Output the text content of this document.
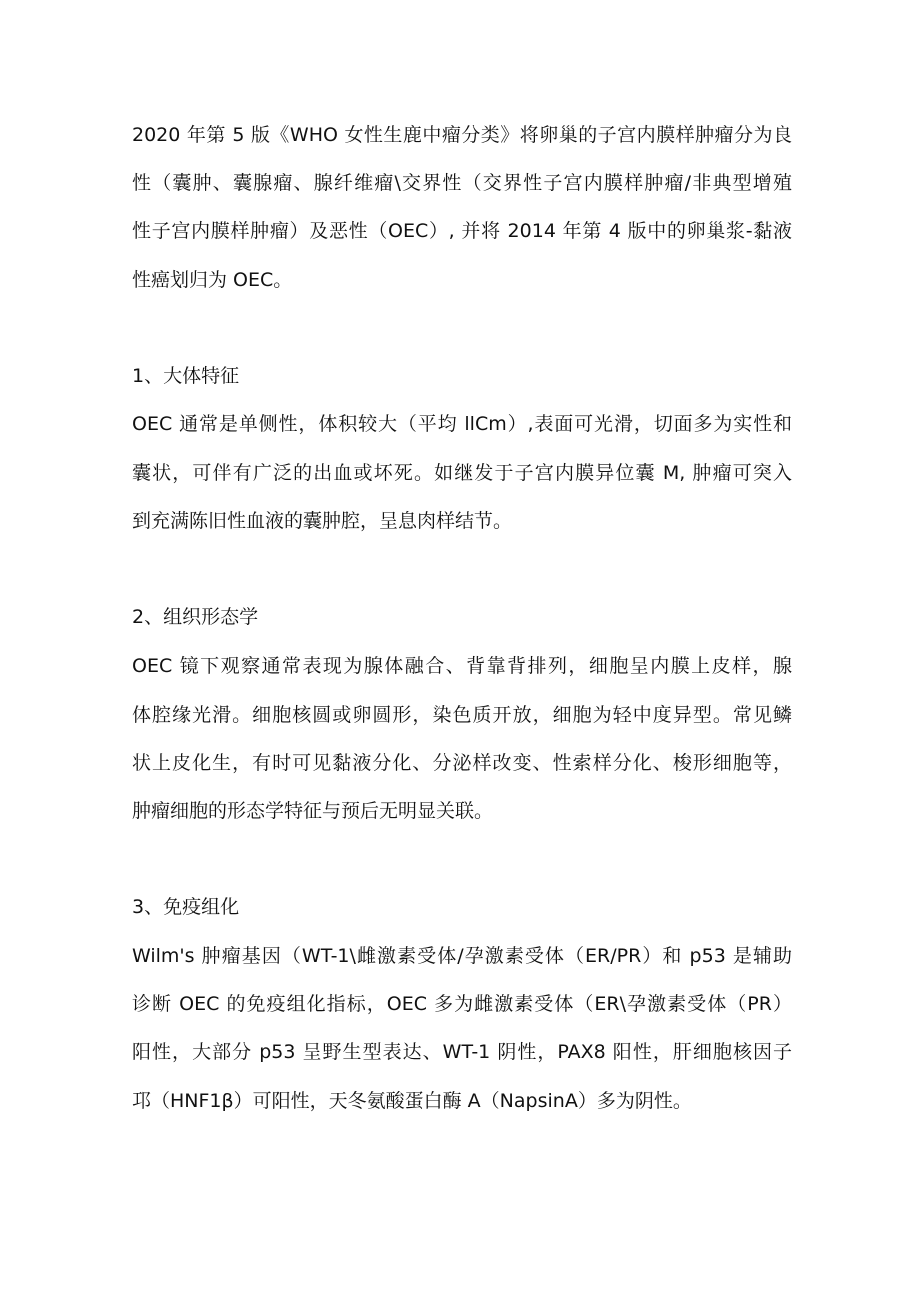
2020 年第 5 版《WHO 女性生鹿中瘤分类》将卵巢的子宫内膜样肿瘤分为良
性（囊肿、囊腺瘤、腺纤维瘤\交界性（交界性子宫内膜样肿瘤/非典型增殖
性子宫内膜样肿瘤）及恶性（OEC）, 并将 2014 年第 4 版中的卵巢浆-黏液
性癌划归为 OEC。
1、大体特征
OEC 通常是单侧性，体积较大（平均 llCm）,表面可光滑，切面多为实性和
囊状，可伴有广泛的出血或坏死。如继发于子宫内膜异位囊 M, 肿瘤可突入
到充满陈旧性血液的囊肿腔，呈息肉样结节。
2、组织形态学
OEC 镜下观察通常表现为腺体融合、背靠背排列，细胞呈内膜上皮样，腺
体腔缘光滑。细胞核圆或卵圆形，染色质开放，细胞为轻中度异型。常见鳞
状上皮化生，有时可见黏液分化、分泌样改变、性索样分化、梭形细胞等，
肿瘤细胞的形态学特征与预后无明显关联。
3、免疫组化
Wilm's 肿瘤基因（WT-1\雌激素受体/孕激素受体（ER/PR）和 p53 是辅助
诊断 OEC 的免疫组化指标，OEC 多为雌激素受体（ER\孕激素受体（PR）
阳性，大部分 p53 呈野生型表达、WT-1 阴性，PAX8 阳性，肝细胞核因子
邛（HNF1β）可阳性，天冬氨酸蛋白酶 A（NapsinA）多为阴性。
